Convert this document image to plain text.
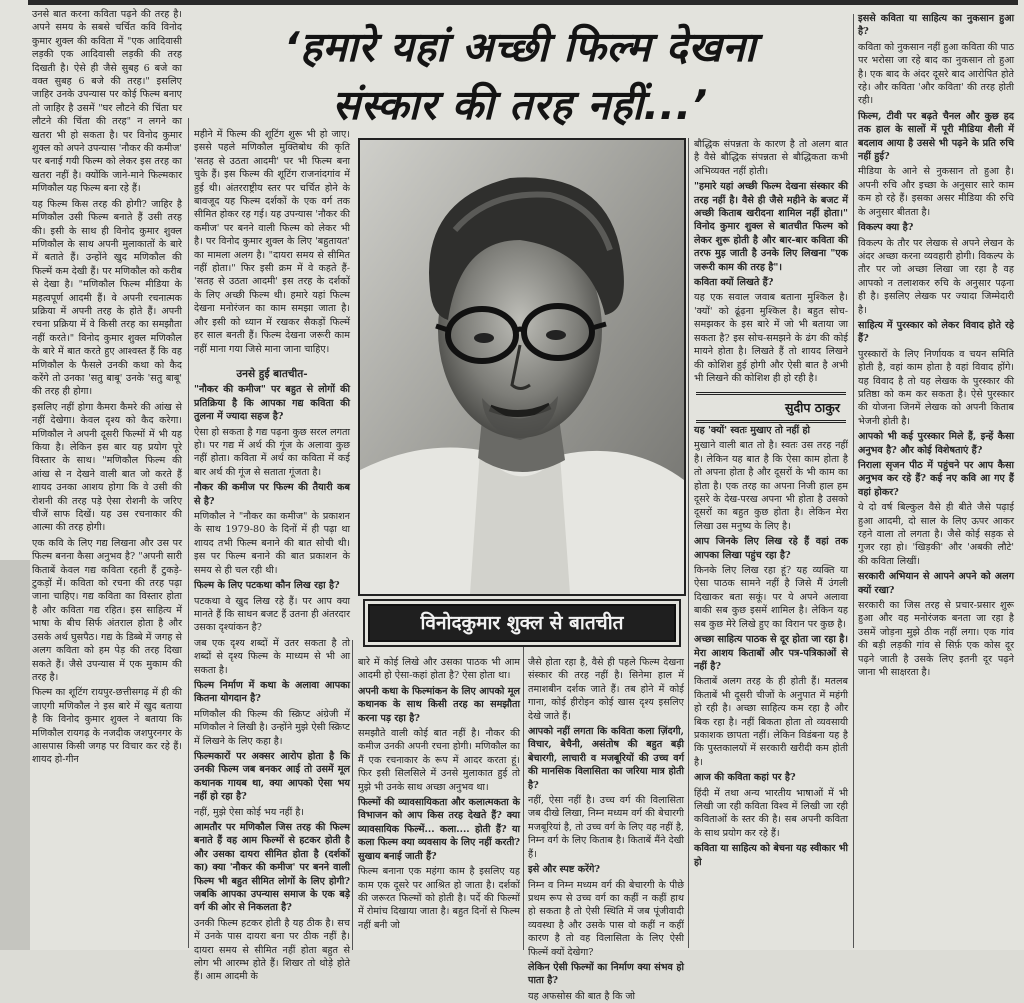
‘हमारे यहां अच्छी फिल्म देखना
संस्कार की तरह नहीं...’

उनसे बात करना कविता पढ़ने की तरह है। अपने समय के सबसे चर्चित कवि विनोद कुमार शुक्ल की कविता में "एक आदिवासी लड़की एक आदिवासी लड़की की तरह दिखती है। ऐसे ही जैसे सुबह 6 बजे का वक्त सुबह 6 बजे की तरह।" इसलिए जाहिर उनके उपन्यास पर कोई फिल्म बनाए तो जाहिर है उसमें "घर लौटने की चिंता घर लौटने की चिंता की तरह" न लगने का खतरा भी हो सकता है। पर विनोद कुमार शुक्ल को अपने उपन्यास 'नौकर की कमीज' पर बनाई गयी फिल्म को लेकर इस तरह का खतरा नहीं है। क्योंकि जाने-माने फिल्मकार मणिकौल यह फिल्म बना रहे हैं।

यह फिल्म किस तरह की होगी? जाहिर है मणिकौल उसी फिल्म बनाते हैं उसी तरह की। इसी के साथ ही विनोद कुमार शुक्ल मणिकौल के साथ अपनी मुलाकातों के बारे में बताते हैं। उन्होंने खुद मणिकौल की फिल्में कम देखी हैं। पर मणिकौल को करीब से देखा है। "मणिकौल फिल्म मीडिया के महत्वपूर्ण आदमी हैं। वे अपनी रचनात्मक प्रक्रिया में अपनी तरह के होते हैं। अपनी रचना प्रक्रिया में वे किसी तरह का समझौता नहीं करते।" विनोद कुमार शुक्ल मणिकौल के बारे में बात करते हुए आश्वस्त हैं कि वह मणिकौल के फैसले उनकी कथा को कैद करेंगे तो उनका 'सतु बाबू' उनके 'सतु बाबू' की तरह ही होगा।

इसलिए नहीं होगा कैमरा कैमरे की आंख से नहीं देखेगा। केवल दृश्य को कैद करेगा। मणिकौल ने अपनी दूसरी फिल्मों में भी यह किया है। लेकिन इस बार यह प्रयोग पूरे विस्तार के साथ। "मणिकौल फिल्म की आंख से न देखने वाली बात जो करते हैं शायद उनका आशय होगा कि वे उसी की रोशनी की तरह पड़े ऐसा रोशनी के जरिए चीजें साफ दिखें। यह उस रचनाकार की आत्मा की तरह होगी।

एक कवि के लिए गद्य लिखना और उस पर फिल्म बनना कैसा अनुभव है? "अपनी सारी किताबें केवल गद्य कविता रहती हैं टुकड़े-टुकड़ों में। कविता को रचना की तरह पढ़ा जाना चाहिए। गद्य कविता का विस्तार होता है और कविता गद्य रहित। इस साहित्य में भाषा के बीच सिर्फ अंतराल होता है और उसके अर्थ घुसपैठ। गद्य के डिब्बे में जगह से अलग कविता को हम पेड़ की तरह दिखा सकते हैं। जैसे उपन्यास में एक मुकाम की तरह है।

फिल्म का शूटिंग रायपुर-छत्तीसगढ़ में ही की जाएगी मणिकौल ने इस बारे में खुद बताया है कि विनोद कुमार शुक्ल ने बताया कि मणिकौल रायगढ़ के नजदीक जशपुरनगर के आसपास किसी जगह पर विचार कर रहे हैं। शायद हो-गीन

महीने में फिल्म की शूटिंग शुरू भी हो जाए। इससे पहले मणिकौल मुक्तिबोध की कृति 'सतह से उठता आदमी' पर भी फिल्म बना चुके हैं। इस फिल्म की शूटिंग राजनांदगांव में हुई थी। अंतरराष्ट्रीय स्तर पर चर्चित होने के बावजूद यह फिल्म दर्शकों के एक वर्ग तक सीमित होकर रह गई। यह उपन्यास 'नौकर की कमीज' पर बनने वाली फिल्म को लेकर भी है। पर विनोद कुमार शुक्ल के लिए 'बहुतायत' का मामला अलग है। "दायरा समय से सीमित नहीं होता।" फिर इसी क्रम में वे कहते हैं- 'सतह से उठता आदमी' इस तरह के दर्शकों के लिए अच्छी फिल्म थी। हमारे यहां फिल्म देखना मनोरंजन का काम समझा जाता है। और इसी को ध्यान में रखकर सैकड़ों फिल्में हर साल बनती हैं। फिल्म देखना जरूरी काम नहीं माना गया जिसे माना जाना चाहिए।

उनसे हुई बातचीत-

"नौकर की कमीज" पर बहुत से लोगों की प्रतिक्रिया है कि आपका गद्य कविता की तुलना में ज्यादा सहज है?

ऐसा हो सकता है गद्य पढ़ना कुछ सरल लगता हो। पर गद्य में अर्थ की गूंज के अलावा कुछ नहीं होता। कविता में अर्थ का कविता में कई बार अर्थ की गूंज से सताता गूंजता है।

नौकर की कमीज पर फिल्म की तैयारी कब से है?

मणिकौल ने "नौकर का कमीज" के प्रकाशन के साथ 1979-80 के दिनों में ही पढ़ा था शायद तभी फिल्म बनाने की बात सोची थी। इस पर फिल्म बनाने की बात प्रकाशन के समय से ही चल रही थी।

फिल्म के लिए पटकथा कौन लिख रहा है?

पटकथा वे खुद लिख रहे हैं। पर आप क्या मानते हैं कि साधन बजट हैं उतना ही अंतरदार उसका दृश्यांकन है?

जब एक दृश्य शब्दों में उतर सकता है तो शब्दों से दृश्य फिल्म के माध्यम से भी आ सकता है।

फिल्म निर्माण में कथा के अलावा आपका कितना योगदान है?

मणिकौल की फिल्म की स्क्रिप्ट अंग्रेजी में मणिकौल ने लिखी है। उन्होंने मुझे ऐसी स्क्रिप्ट में लिखने के लिए कहा है।

फिल्मकारों पर अक्सर आरोप होता है कि उनकी फिल्म जब बनकर आई तो उसमें मूल कथानक गायब था, क्या आपको ऐसा भय नहीं हो रहा है?

नहीं, मुझे ऐसा कोई भय नहीं है।

आमतौर पर मणिकौल जिस तरह की फिल्म बनाते हैं वह आम फिल्मों से हटकर होती है और उसका दायरा सीमित होता है (दर्शकों का) क्या 'नौकर की कमीज' पर बनने वाली फिल्म भी बहुत सीमित लोगों के लिए होगी? जबकि आपका उपन्यास समाज के एक बड़े वर्ग की ओर से निकलता है?

उनकी फिल्म हटकर होती है यह ठीक है। सच में उनके पास दायरा बना पर ठीक नहीं है। दायरा समय से सीमित नहीं होता बहुत से लोग भी आरम्भ होते हैं। शिखर तो थोड़े होते हैं। आम आदमी के

विनोदकुमार शुक्ल से बातचीत

बारे में कोई लिखे और उसका पाठक भी आम आदमी हो ऐसा-कहां होता है? ऐसा होता था।

अपनी कथा के फिल्मांकन के लिए आपको मूल कथानक के साथ किसी तरह का समझौता करना पड़ रहा है?

समझौते वाली कोई बात नहीं है। नौकर की कमीज उनकी अपनी रचना होगी। मणिकौल का मैं एक रचनाकार के रूप में आदर करता हूं। फिर इसी सिलसिले में उनसे मुलाकात हुई तो मुझे भी उनके साथ अच्छा अनुभव था।

फिल्मों की व्यावसायिकता और कलात्मकता के विभाजन को आप किस तरह देखते हैं? क्या व्यावसायिक फिल्में... कला.... होती हैं? या कला फिल्म क्या व्यवसाय के लिए नहीं करती? सुखाय बनाई जाती हैं?

फिल्म बनाना एक महंगा काम है इसलिए यह काम एक दूसरे पर आश्रित हो जाता है। दर्शकों की जरूरत फिल्मों को होती है। पर्दे की फिल्मों में रोमांच दिखाया जाता है। बहुत दिनों से फिल्म नहीं बनी जो

जैसे होता रहा है, वैसे ही पहले फिल्म देखना संस्कार की तरह नहीं है। सिनेमा हाल में तमाशबीन दर्शक जाते हैं। तब होने में कोई गाना, कोई हीरोइन कोई खास दृश्य इसलिए देखे जाते हैं।

आपको नहीं लगता कि कविता कला ज़िंदगी, विचार, बेचैनी, असंतोष की बहुत बड़ी बेचारगी, लाचारी व मजबूरियों की उच्च वर्ग की मानसिक विलासिता का जरिया मात्र होती है?

नहीं, ऐसा नहीं है। उच्च वर्ग की विलासिता जब दीखे लिखा, निम्न मध्यम वर्ग की बेचारगी मजबूरियां है, तो उच्च वर्ग के लिए वह नहीं है, निम्न वर्ग के लिए किताब है। किताबें मैंने देखी हैं।

इसे और स्पष्ट करेंगे?

निम्न व निम्न मध्यम वर्ग की बेचारगी के पीछे प्रथम रूप से उच्च वर्ग का कहीं न कहीं हाथ हो सकता है तो ऐसी स्थिति में जब पूंजीवादी व्यवस्था है और उसके पास वो कहीं न कहीं कारण है तो वह विलासिता के लिए ऐसी फिल्में क्यों देखेगा?

लेकिन ऐसी फिल्मों का निर्माण क्या संभव हो पाता है?

यह अफसोस की बात है कि जो

बौद्धिक संपन्नता के कारण है तो अलग बात है वैसे बौद्धिक संपन्नता से बौद्धिकता कभी अभिव्यक्त नहीं होती।

"हमारे यहां अच्छी फिल्म देखना संस्कार की तरह नहीं है। वैसे ही जैसे महीने के बजट में अच्छी किताब खरीदना शामिल नहीं होता।" विनोद कुमार शुक्ल से बातचीत फिल्म को लेकर शुरू होती है और बार-बार कविता की तरफ मुड़ जाती है उनके लिए लिखना "एक जरूरी काम की तरह है"।

कविता क्यों लिखते हैं?

यह एक सवाल जवाब बताना मुश्किल है। 'क्यों' को ढूंढ़ना मुश्किल है। बहुत सोच-समझकर के इस बारे में जो भी बताया जा सकता है? इस सोच-समझने के ढंग की कोई मायने होता है। लिखते हैं तो शायद लिखने की कोशिश हुई होगी और ऐसी बात है अभी भी लिखने की कोशिश ही हो रही है।

सुदीप ठाकुर

यह 'क्यों' स्वतः मुखाए तो नहीं हो

मुखाने वाली बात तो है। स्वतः उस तरह नहीं है। लेकिन यह बात है कि ऐसा काम होता है तो अपना होता है और दूसरों के भी काम का होता है। एक तरह का अपना निजी हाल हम दूसरे के देख-परख अपना भी होता है उसको दूसरों का बहुत कुछ होता है। लेकिन मेरा लिखा उस मनुष्य के लिए है।

आप जिनके लिए लिख रहे हैं वहां तक आपका लिखा पहुंच रहा है?

किनके लिए लिख रहा हूं? यह व्यक्ति या ऐसा पाठक सामने नहीं है जिसे मैं उंगली दिखाकर बता सकूं। पर ये अपने अलावा बाकी सब कुछ इसमें शामिल है। लेकिन यह सब कुछ मेरे लिखे हुए का विरान पर कुछ है।

अच्छा साहित्य पाठक से दूर होता जा रहा है। मेरा आशय किताबों और पत्र-पत्रिकाओं से नहीं है?

किताबें अलग तरह के ही होती हैं। मतलब किताबें भी दूसरी चीजों के अनुपात में महंगी हो रही है। अच्छा साहित्य कम रहा है और बिक रहा है। नहीं बिकता होता तो व्यवसायी प्रकाशक छापता नहीं। लेकिन विडंबना यह है कि पुस्तकालयों में सरकारी खरीदी कम होती है।

आज की कविता कहां पर है?

हिंदी में तथा अन्य भारतीय भाषाओं में भी लिखी जा रही कविता विश्व में लिखी जा रही कविताओं के स्तर की है। सब अपनी कविता के साथ प्रयोग कर रहे हैं।

कविता या साहित्य को बेचना यह स्वीकार भी हो

इससे कविता या साहित्य का नुकसान हुआ है?

कविता को नुकसान नहीं हुआ कविता की पाठ पर भरोसा जा रहे बाद का नुकसान तो हुआ है। एक बाद के अंदर दूसरे बाद आरोपित होते रहे। और कविता 'और कविता' की तरह होती रही।

फिल्म, टीवी पर बढ़ते चैनल और कुछ हद तक हाल के सालों में पूरी मीडिया शैली में बदलाव आया है उससे भी पढ़ने के प्रति रुचि नहीं हुई?

मीडिया के आने से नुकसान तो हुआ है। अपनी रुचि और इच्छा के अनुसार सारे काम कम हो रहे हैं। इसका असर मीडिया की रुचि के अनुसार बीतता है।

विकल्प क्या है?

विकल्प के तौर पर लेखक से अपने लेखन के अंदर अच्छा करना व्यवहारी होगी। विकल्प के तौर पर जो अच्छा लिखा जा रहा है वह आपको न तलाशकर रुचि के अनुसार पढ़ना ही है। इसलिए लेखक पर ज्यादा जिम्मेदारी है।

साहित्य में पुरस्कार को लेकर विवाद होते रहे हैं?

पुरस्कारों के लिए निर्णायक व चयन समिति होती है, वहां काम होता है वहां विवाद होंगे। यह विवाद है तो यह लेखक के पुरस्कार की प्रतिष्ठा को कम कर सकता है। ऐसे पुरस्कार की योजना जिनमें लेखक को अपनी किताब भेजनी होती है।

आपको भी कई पुरस्कार मिले हैं, इन्हें कैसा अनुभव है? और कोई विशेषताएं हैं?

निराला सृजन पीठ में पहुंचने पर आप कैसा अनुभव कर रहे हैं? कई नए कवि आ गए हैं वहां होकर?

ये दो वर्ष बिल्कुल वैसे ही बीते जैसे पढ़ाई हुआ आदमी, दो साल के लिए ऊपर आकर रहने वाला तो लगता है। जैसे कोई सड़क से गुजर रहा हो। 'खिड़की' और 'अबकी लौटे' की कविता लिखीं।

सरकारी अभियान से आपने अपने को अलग क्यों रखा?

सरकारी का जिस तरह से प्रचार-प्रसार शुरू हुआ और वह मनोरंजक बनता जा रहा है उसमें जोड़ना मुझे ठीक नहीं लगा। एक गांव की बड़ी लड़की गांव से सिर्फ़ एक कोस दूर पढ़ने जाती है उसके लिए इतनी दूर पढ़ने जाना भी साक्षरता है।
